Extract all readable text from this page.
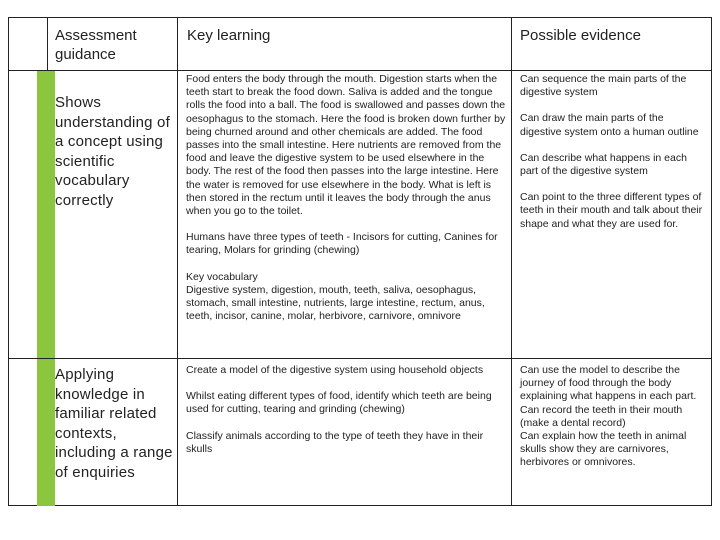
Assessment guidance
Key learning	Possible evidence
Shows understanding of a concept using scientific vocabulary correctly

Food enters the body through the mouth. Digestion starts when the teeth start to break the food down. Saliva is added and the tongue rolls the food into a ball. The food is swallowed and passes down the oesophagus to the stomach. Here the food is broken down further by being churned around and other chemicals are added. The food passes into the small intestine. Here nutrients are removed from the food and leave the digestive system to be used elsewhere in the body. The rest of the food then passes into the large intestine. Here the water is removed for use elsewhere in the body. What is left is then stored in the rectum until it leaves the body through the anus when you go to the toilet.

Humans have three types of teeth - Incisors for cutting, Canines for tearing, Molars for grinding (chewing)

Key vocabulary

Digestive system, digestion, mouth, teeth, saliva, oesophagus, stomach, small intestine, nutrients, large intestine, rectum, anus, teeth, incisor, canine, molar, herbivore, carnivore, omnivore

Can sequence the main parts of the digestive system

Can draw the main parts of the digestive system onto a human outline

Can describe what happens in each part of the digestive system

Can point to the three different types of teeth in their mouth and talk about their shape and what they are used for.

Applying knowledge in familiar related contexts, including a range of enquiries

Create a model of the digestive system using household objects

Whilst eating different types of food, identify which teeth are being used for cutting, tearing and grinding (chewing)

Classify animals according to the type of teeth they have in their skulls

Can use the model to describe the journey of food through the body explaining what happens in each part.

Can record the teeth in their mouth (make a dental record)

Can explain how the teeth in animal skulls show they are carnivores, herbivores or omnivores.
